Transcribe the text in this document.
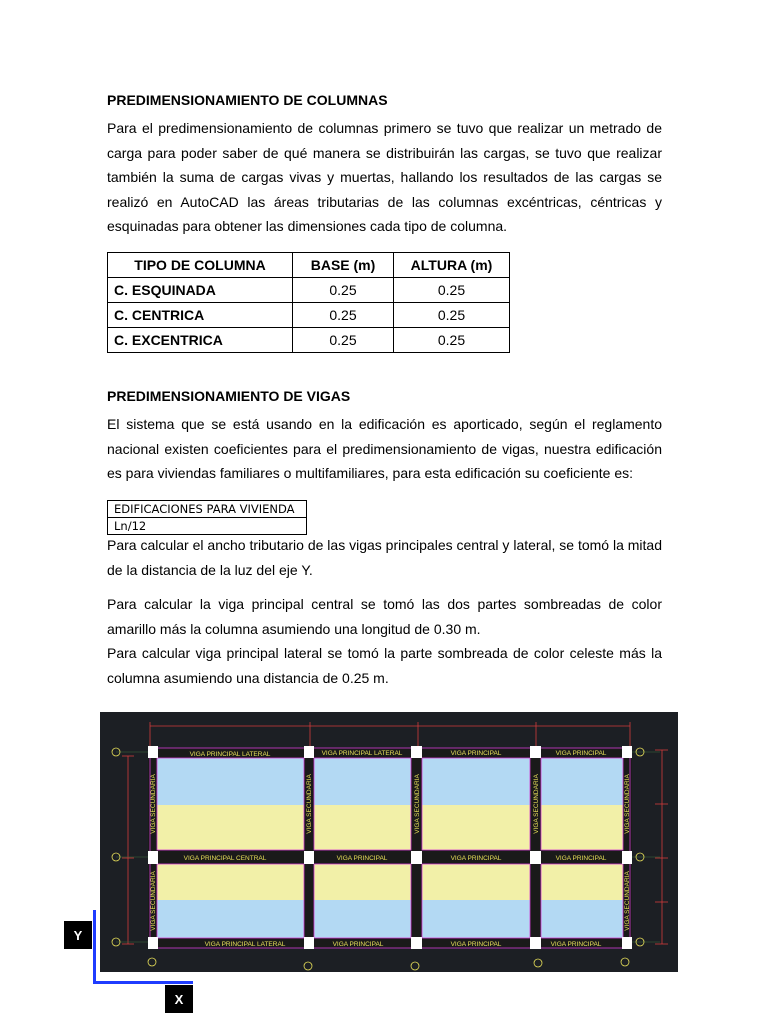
PREDIMENSIONAMIENTO DE COLUMNAS
Para el predimensionamiento de columnas primero se tuvo que realizar un metrado de carga para poder saber de qué manera se distribuirán las cargas, se tuvo que realizar también la suma de cargas vivas y muertas, hallando los resultados de las cargas se realizó en AutoCAD las áreas tributarias de las columnas excéntricas, céntricas y esquinadas para obtener las dimensiones cada tipo de columna.
TIPO DE COLUMNA	BASE (m)	ALTURA (m)
C. ESQUINADA	0.25	0.25
C. CENTRICA	0.25	0.25
C. EXCENTRICA	0.25	0.25
PREDIMENSIONAMIENTO DE VIGAS
El sistema que se está usando en la edificación es aporticado, según el reglamento nacional existen coeficientes para el predimensionamiento de vigas, nuestra edificación es para viviendas familiares o multifamiliares, para esta edificación su coeficiente es:
EDIFICACIONES PARA VIVIENDA
Ln/12
Para calcular el ancho tributario de las vigas principales central y lateral, se tomó la mitad de la distancia de la luz del eje Y.
Para calcular la viga principal central se tomó las dos partes sombreadas de color amarillo más la columna asumiendo una longitud de 0.30 m.
Para calcular viga principal lateral se tomó la parte sombreada de color celeste más la columna asumiendo una distancia de 0.25 m.
VIGA PRINCIPAL LATERAL	VIGA PRINCIPAL LATERAL	VIGA PRINCIPAL	VIGA PRINCIPAL
VIGA PRINCIPAL CENTRAL	VIGA PRINCIPAL	VIGA PRINCIPAL	VIGA PRINCIPAL
VIGA PRINCIPAL LATERAL	VIGA PRINCIPAL	VIGA PRINCIPAL	VIGA PRINCIPAL
VIGA SECUNDARIA	VIGA SECUNDARIA	VIGA SECUNDARIA	VIGA SECUNDARIA
VIGA SECUNDARIA	VIGA SECUNDARIA
VIGA SECUNDARIA
Y
X
